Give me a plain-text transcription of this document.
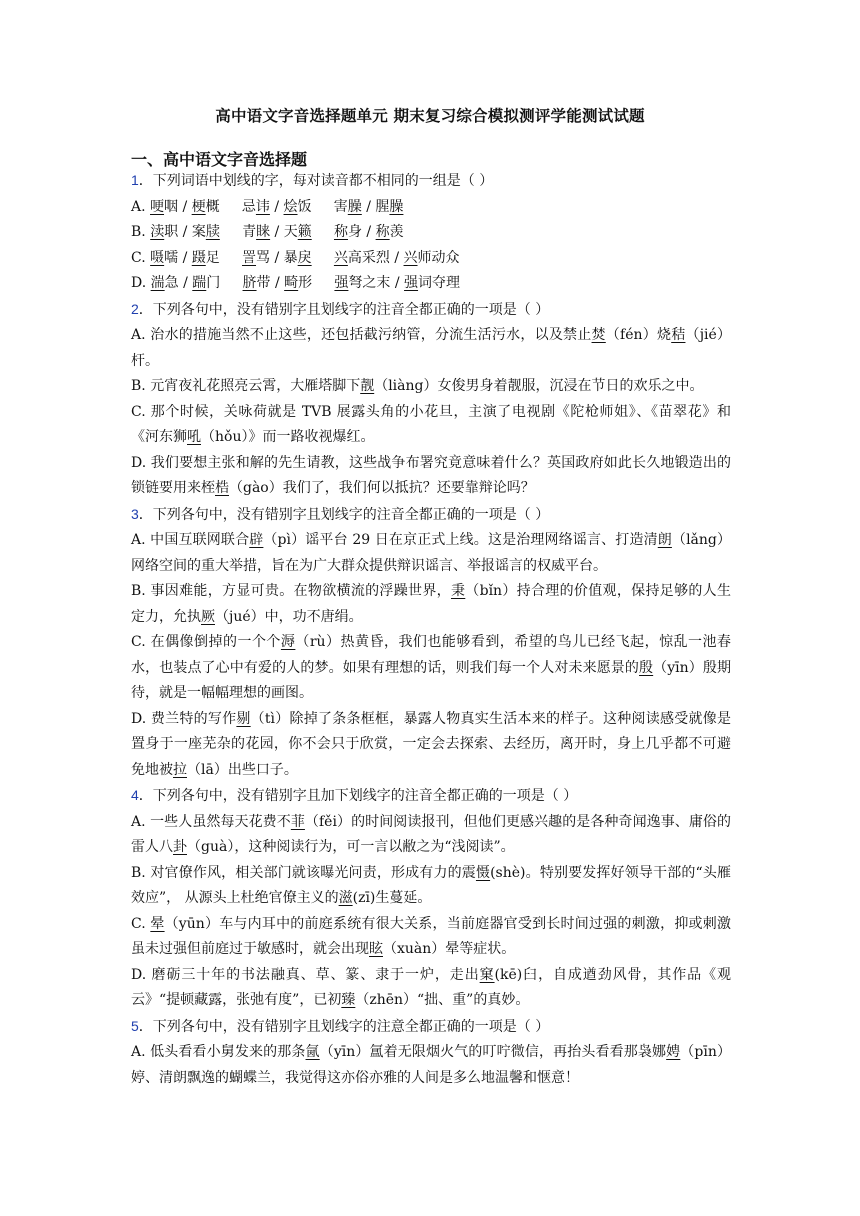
高中语文字音选择题单元 期末复习综合模拟测评学能测试试题
一、高中语文字音选择题

1．下列词语中划线的字，每对读音都不相同的一组是（ ）

A. 哽咽 / 梗概     忌讳 / 烩饭     害臊 / 腥臊

B. 渎职 / 案牍     青睐 / 天籁 称身 / 称羡

C. 嗫嚅 / 蹑足     詈骂 / 暴戾 兴高采烈 / 兴师动众

D. 湍急 / 踹门     脐带 / 畸形     强弩之末 / 强词夺理

2．下列各句中，没有错别字且划线字的注音全都正确的一项是（ ）

A. 治水的措施当然不止这些，还包括截污纳管，分流生活污水，以及禁止焚（fén）烧秸（jié）杆。

B. 元宵夜礼花照亮云霄，大雁塔脚下靓（liàng）女俊男身着靓服，沉浸在节日的欢乐之中。

C. 那个时候，关咏荷就是 TVB 展露头角的小花旦，主演了电视剧《陀枪师姐》、《苗翠花》和《河东狮吼（hǒu）》而一路收视爆红。

D. 我们要想主张和解的先生请教，这些战争布署究竟意味着什么？英国政府如此长久地锻造出的锁链要用来桎梏（gào）我们了，我们何以抵抗？还要靠辩论吗？

3．下列各句中，没有错别字且划线字的注音全都正确的一项是（ ）

A. 中国互联网联合辟（pì）谣平台 29 日在京正式上线。这是治理网络谣言、打造清朗（lǎng）网络空间的重大举措，旨在为广大群众提供辩识谣言、举报谣言的权威平台。

B. 事因难能，方显可贵。在物欲横流的浮躁世界，秉（bǐn）持合理的价值观，保持足够的人生定力，允执厥（jué）中，功不唐绢。

C. 在偶像倒掉的一个个溽（rù）热黄昏，我们也能够看到，希望的鸟儿已经飞起，惊乱一池春水，也装点了心中有爱的人的梦。如果有理想的话，则我们每一个人对未来愿景的殷（yīn）殷期待，就是一幅幅理想的画图。

D. 费兰特的写作剔（tì）除掉了条条框框，暴露人物真实生活本来的样子。这种阅读感受就像是置身于一座芜杂的花园，你不会只于欣赏，一定会去探索、去经历，离开时，身上几乎都不可避免地被拉（lā）出些口子。

4．下列各句中，没有错别字且加下划线字的注音全都正确的一项是（ ）

A. 一些人虽然每天花费不菲（fěi）的时间阅读报刊，但他们更感兴趣的是各种奇闻逸事、庸俗的雷人八卦（guà），这种阅读行为，可一言以敝之为“浅阅读”。

B. 对官僚作风，相关部门就该曝光问责，形成有力的震慑(shè)。特别要发挥好领导干部的“头雁效应”， 从源头上杜绝官僚主义的滋(zī)生蔓延。

C. 晕（yūn）车与内耳中的前庭系统有很大关系，当前庭器官受到长时间过强的刺激，抑或刺激虽未过强但前庭过于敏感时，就会出现眩（xuàn）晕等症状。

D. 磨砺三十年的书法融真、草、篆、隶于一炉，走出窠(kē)臼，自成遒劲风骨，其作品《观云》“提顿藏露，张弛有度”，已初臻（zhēn）“拙、重”的真妙。

5．下列各句中，没有错别字且划线字的注意全都正确的一项是（ ）

A. 低头看看小舅发来的那条氤（yīn）氲着无限烟火气的叮咛微信，再抬头看看那袅娜娉（pīn）婷、清朗飘逸的蝴蝶兰，我觉得这亦俗亦雅的人间是多么地温馨和惬意！
